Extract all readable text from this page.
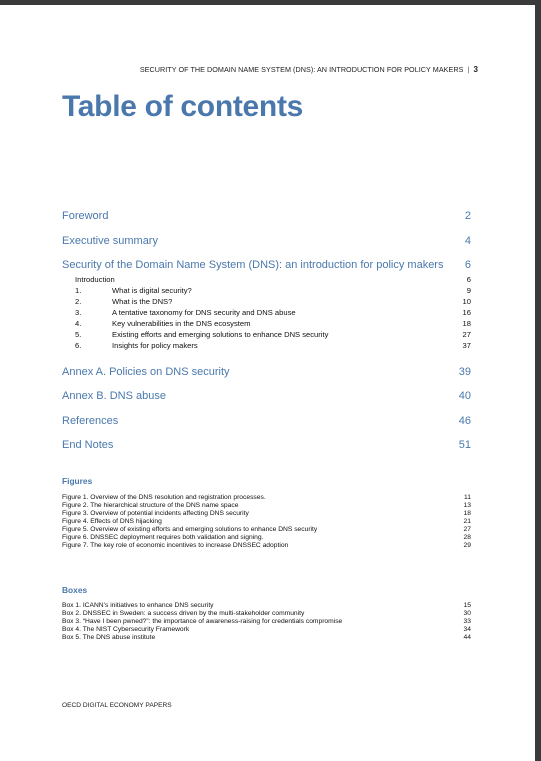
SECURITY OF THE DOMAIN NAME SYSTEM (DNS): AN INTRODUCTION FOR POLICY MAKERS | 3
Table of contents
Foreword	2
Executive summary	4
Security of the Domain Name System (DNS): an introduction for policy makers 6
Introduction	6
1.	What is digital security?	9
2.	What is the DNS?	10
3.	A tentative taxonomy for DNS security and DNS abuse	16
4.	Key vulnerabilities in the DNS ecosystem	18
5.	Existing efforts and emerging solutions to enhance DNS security	27
6.	Insights for policy makers	37
Annex A. Policies on DNS security	39
Annex B. DNS abuse	40
References	46
End Notes	51
Figures
Figure 1. Overview of the DNS resolution and registration processes.	11
Figure 2. The hierarchical structure of the DNS name space	13
Figure 3. Overview of potential incidents affecting DNS security	18
Figure 4. Effects of DNS hijacking	21
Figure 5. Overview of existing efforts and emerging solutions to enhance DNS security	27
Figure 6. DNSSEC deployment requires both validation and signing.	28
Figure 7. The key role of economic incentives to increase DNSSEC adoption	29
Boxes
Box 1. ICANN’s initiatives to enhance DNS security	15
Box 2. DNSSEC in Sweden: a success driven by the multi-stakeholder community	30
Box 3. “Have I been pwned?”: the importance of awareness-raising for credentials compromise	33
Box 4. The NIST Cybersecurity Framework	34
Box 5. The DNS abuse institute	44
OECD DIGITAL ECONOMY PAPERS
